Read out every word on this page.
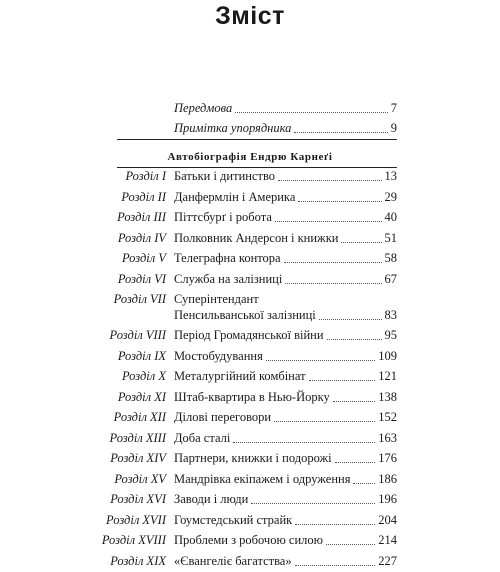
Зміст
Передмова	7
Примітка упорядника	9
Автобіографія Ендрю Карнеґі
Розділ I Батьки і дитинство	13
Розділ II Данфермлін і Америка	29
Розділ III Піттсбурґ і робота	40
Розділ IV Полковник Андерсон і книжки	51
Розділ V Телеграфна контора	58
Розділ VI Служба на залізниці	67
Розділ VII Суперінтендант
Пенсильванської залізниці	83
Розділ VIII Період Громадянської війни	95
Розділ IX Мостобудування	109
Розділ X Металургійний комбінат	121
Розділ XI Штаб-квартира в Нью-Йорку	138
Розділ XII Ділові переговори	152
Розділ XIII Доба сталі	163
Розділ XIV Партнери, книжки і подорожі	176
Розділ XV Мандрівка екіпажем і одруження 186
Розділ XVI Заводи і люди	196
Розділ XVII Гоумстедський страйк	204
Розділ XVIII Проблеми з робочою силою	214
Розділ XIX «Євангеліє багатства»	227
